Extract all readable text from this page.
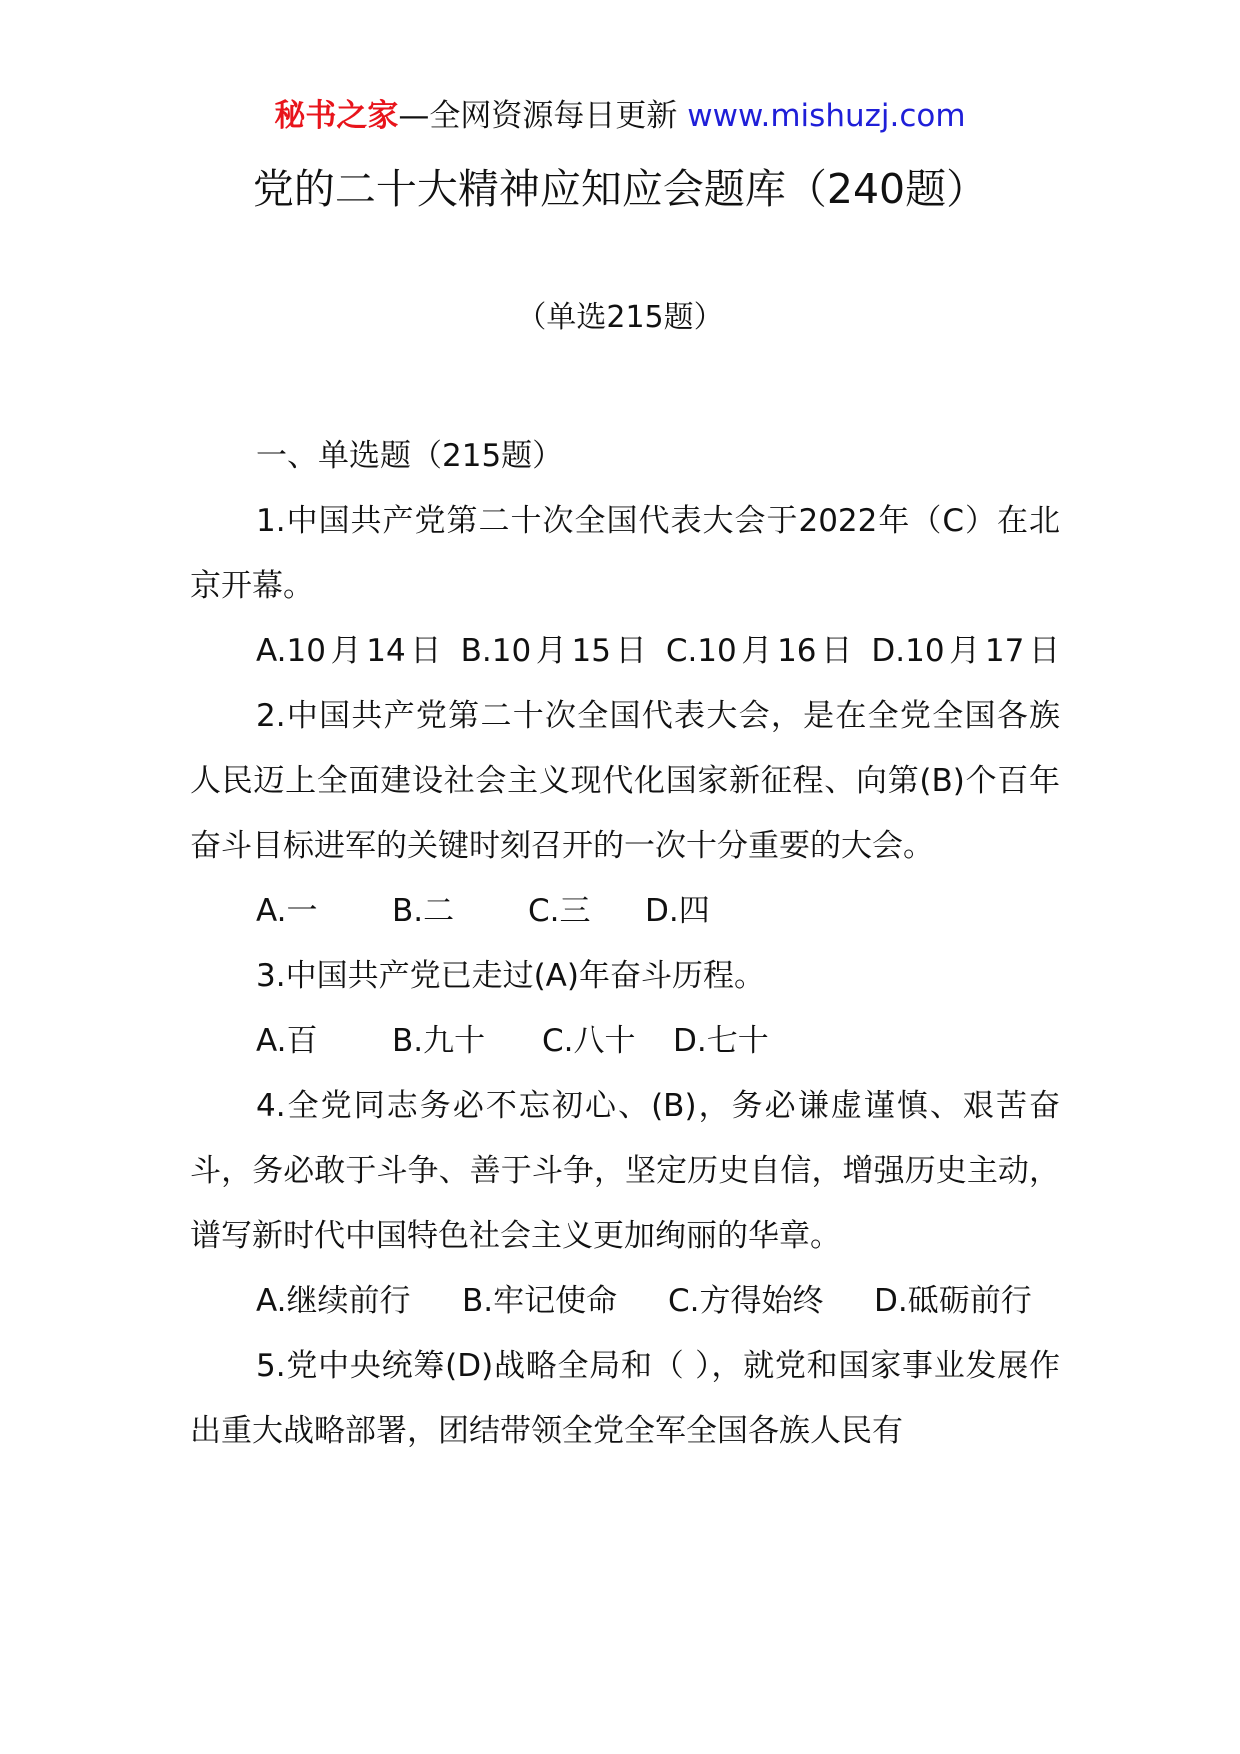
秘书之家—全网资源每日更新 www.mishuzj.com
党的二十大精神应知应会题库（240题）
（单选215题）

一、单选题（215题）

1.中国共产党第二十次全国代表大会于2022年（C）在北京开幕。

A.10月14日 B.10月15日 C.10月16日 D.10月17日

2.中国共产党第二十次全国代表大会，是在全党全国各族人民迈上全面建设社会主义现代化国家新征程、向第(B)个百年奋斗目标进军的关键时刻召开的一次十分重要的大会。

A.一 B.二 C.三 D.四

3.中国共产党已走过(A)年奋斗历程。

A.百 B.九十 C.八十 D.七十

4.全党同志务必不忘初心、(B)，务必谦虚谨慎、艰苦奋斗，务必敢于斗争、善于斗争，坚定历史自信，增强历史主动，谱写新时代中国特色社会主义更加绚丽的华章。

A.继续前行 B.牢记使命 C.方得始终 D.砥砺前行

5.党中央统筹(D)战略全局和（ ），就党和国家事业发展作出重大战略部署，团结带领全党全军全国各族人民有
